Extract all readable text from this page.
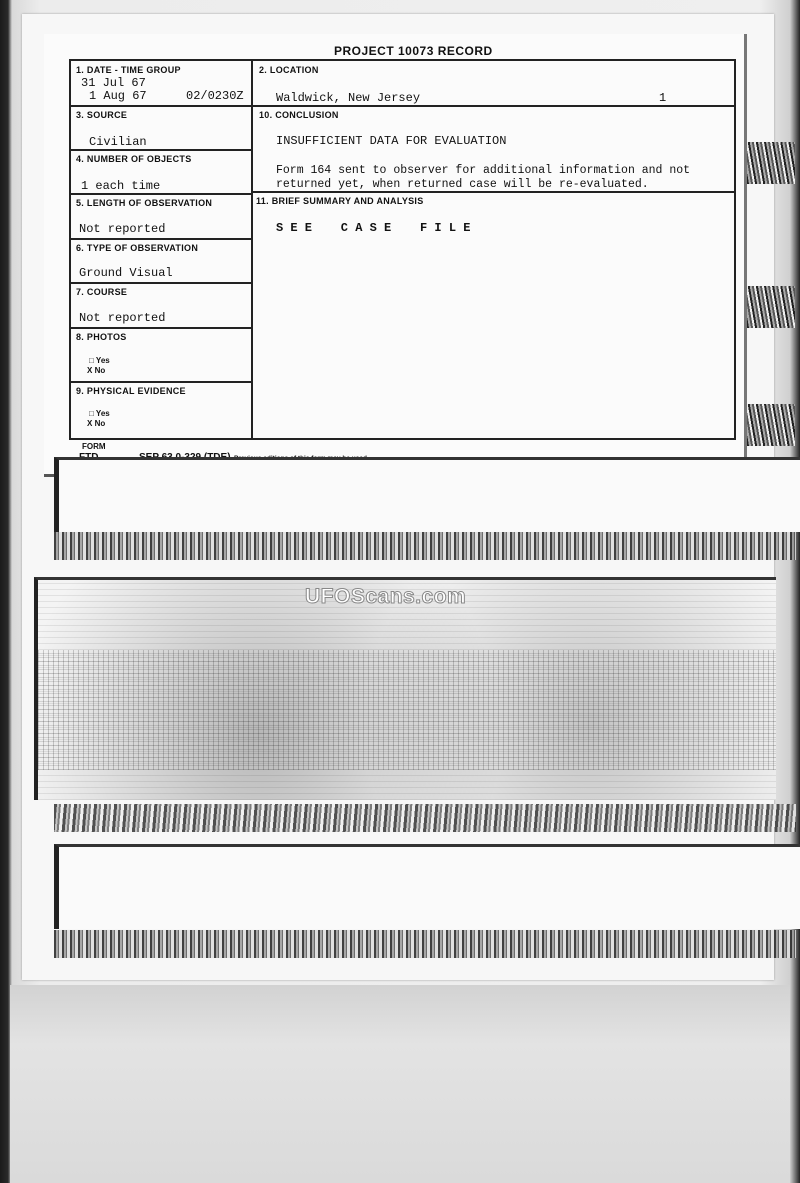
PROJECT 10073 RECORD
1. DATE - TIME GROUP
31 Jul 67
1 Aug 67	02/0230Z
2. LOCATION
Waldwick, New Jersey	1
3. SOURCE
Civilian
4. NUMBER OF OBJECTS
1 each time
5. LENGTH OF OBSERVATION
Not reported
6. TYPE OF OBSERVATION
Ground Visual
7. COURSE
Not reported
8. PHOTOS
□ Yes
X No
9. PHYSICAL EVIDENCE
□ Yes
X No
10. CONCLUSION
INSUFFICIENT DATA FOR EVALUATION
Form 164 sent to observer for additional information and not
returned yet, when returned case will be re-evaluated.
11. BRIEF SUMMARY AND ANALYSIS
S E E    C A S E    F I L E
FORM
UFOScans.com
